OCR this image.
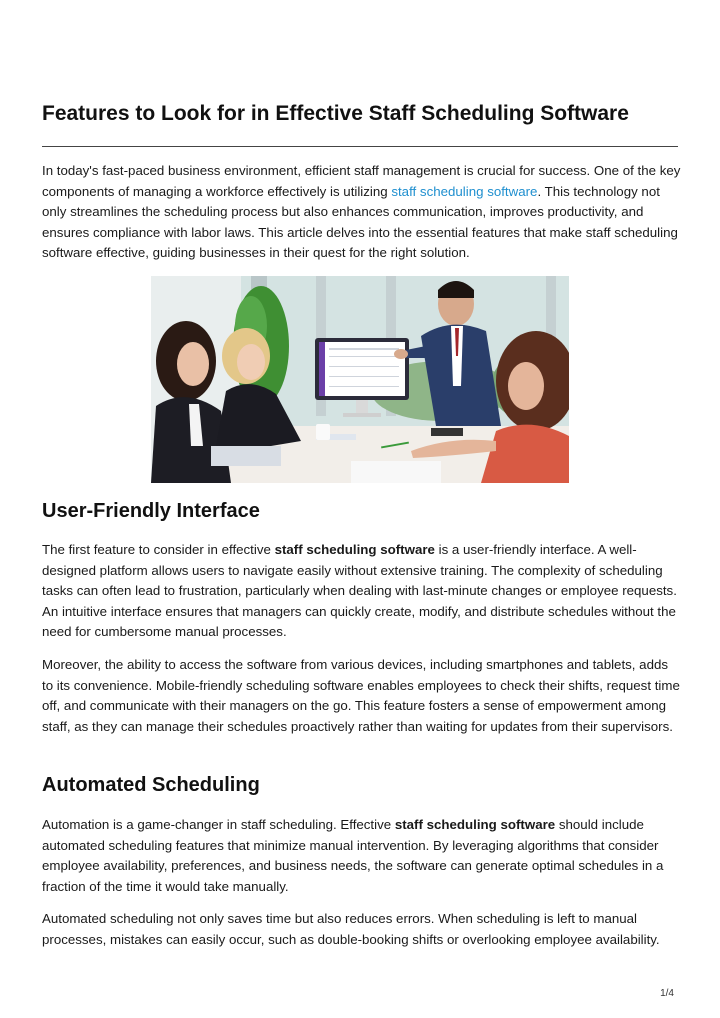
Features to Look for in Effective Staff Scheduling Software

In today's fast-paced business environment, efficient staff management is crucial for success. One of the key components of managing a workforce effectively is utilizing staff scheduling software. This technology not only streamlines the scheduling process but also enhances communication, improves productivity, and ensures compliance with labor laws. This article delves into the essential features that make staff scheduling software effective, guiding businesses in their quest for the right solution.

User-Friendly Interface

The first feature to consider in effective staff scheduling software is a user-friendly interface. A well-designed platform allows users to navigate easily without extensive training. The complexity of scheduling tasks can often lead to frustration, particularly when dealing with last-minute changes or employee requests. An intuitive interface ensures that managers can quickly create, modify, and distribute schedules without the need for cumbersome manual processes.

Moreover, the ability to access the software from various devices, including smartphones and tablets, adds to its convenience. Mobile-friendly scheduling software enables employees to check their shifts, request time off, and communicate with their managers on the go. This feature fosters a sense of empowerment among staff, as they can manage their schedules proactively rather than waiting for updates from their supervisors.

Automated Scheduling

Automation is a game-changer in staff scheduling. Effective staff scheduling software should include automated scheduling features that minimize manual intervention. By leveraging algorithms that consider employee availability, preferences, and business needs, the software can generate optimal schedules in a fraction of the time it would take manually.

Automated scheduling not only saves time but also reduces errors. When scheduling is left to manual processes, mistakes can easily occur, such as double-booking shifts or overlooking employee availability.

1/4
